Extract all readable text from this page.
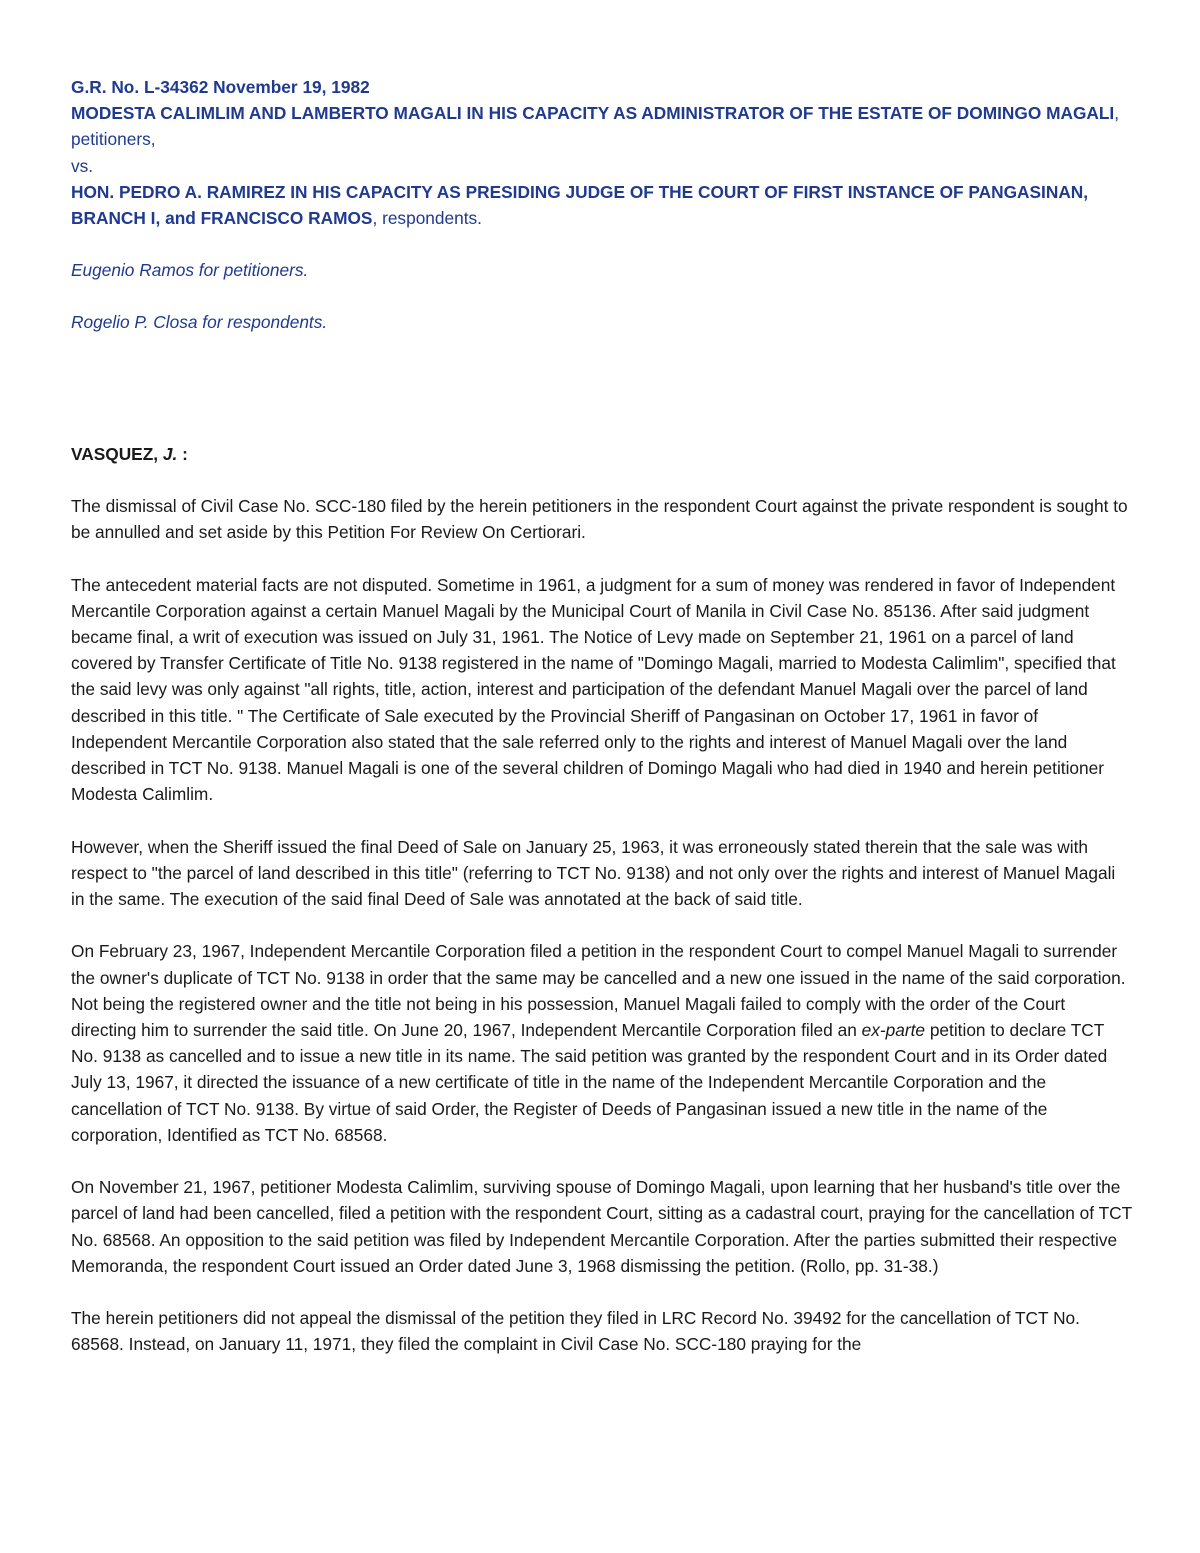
G.R. No. L-34362 November 19, 1982

MODESTA CALIMLIM AND LAMBERTO MAGALI IN HIS CAPACITY AS ADMINISTRATOR OF THE ESTATE OF DOMINGO MAGALI, petitioners,

vs.

HON. PEDRO A. RAMIREZ IN HIS CAPACITY AS PRESIDING JUDGE OF THE COURT OF FIRST INSTANCE OF PANGASINAN, BRANCH I, and FRANCISCO RAMOS, respondents.

Eugenio Ramos for petitioners.

Rogelio P. Closa for respondents.

VASQUEZ, J. :

The dismissal of Civil Case No. SCC-180 filed by the herein petitioners in the respondent Court against the private respondent is sought to be annulled and set aside by this Petition For Review On Certiorari.

The antecedent material facts are not disputed. Sometime in 1961, a judgment for a sum of money was rendered in favor of Independent Mercantile Corporation against a certain Manuel Magali by the Municipal Court of Manila in Civil Case No. 85136. After said judgment became final, a writ of execution was issued on July 31, 1961. The Notice of Levy made on September 21, 1961 on a parcel of land covered by Transfer Certificate of Title No. 9138 registered in the name of "Domingo Magali, married to Modesta Calimlim", specified that the said levy was only against "all rights, title, action, interest and participation of the defendant Manuel Magali over the parcel of land described in this title. " The Certificate of Sale executed by the Provincial Sheriff of Pangasinan on October 17, 1961 in favor of Independent Mercantile Corporation also stated that the sale referred only to the rights and interest of Manuel Magali over the land described in TCT No. 9138. Manuel Magali is one of the several children of Domingo Magali who had died in 1940 and herein petitioner Modesta Calimlim.

However, when the Sheriff issued the final Deed of Sale on January 25, 1963, it was erroneously stated therein that the sale was with respect to "the parcel of land described in this title" (referring to TCT No. 9138) and not only over the rights and interest of Manuel Magali in the same. The execution of the said final Deed of Sale was annotated at the back of said title.

On February 23, 1967, Independent Mercantile Corporation filed a petition in the respondent Court to compel Manuel Magali to surrender the owner's duplicate of TCT No. 9138 in order that the same may be cancelled and a new one issued in the name of the said corporation. Not being the registered owner and the title not being in his possession, Manuel Magali failed to comply with the order of the Court directing him to surrender the said title. On June 20, 1967, Independent Mercantile Corporation filed an ex-parte petition to declare TCT No. 9138 as cancelled and to issue a new title in its name. The said petition was granted by the respondent Court and in its Order dated July 13, 1967, it directed the issuance of a new certificate of title in the name of the Independent Mercantile Corporation and the cancellation of TCT No. 9138. By virtue of said Order, the Register of Deeds of Pangasinan issued a new title in the name of the corporation, Identified as TCT No. 68568.

On November 21, 1967, petitioner Modesta Calimlim, surviving spouse of Domingo Magali, upon learning that her husband's title over the parcel of land had been cancelled, filed a petition with the respondent Court, sitting as a cadastral court, praying for the cancellation of TCT No. 68568. An opposition to the said petition was filed by Independent Mercantile Corporation. After the parties submitted their respective Memoranda, the respondent Court issued an Order dated June 3, 1968 dismissing the petition. (Rollo, pp. 31-38.)

The herein petitioners did not appeal the dismissal of the petition they filed in LRC Record No. 39492 for the cancellation of TCT No. 68568. Instead, on January 11, 1971, they filed the complaint in Civil Case No. SCC-180 praying for the
